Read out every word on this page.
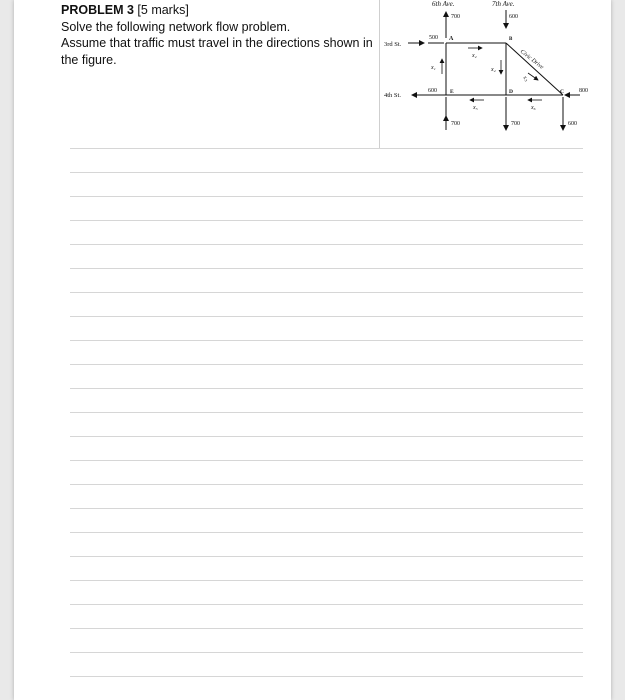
PROBLEM 3 [5 marks]
Solve the following network flow problem.
Assume that traffic must travel in the directions shown in the figure.
6th Ave.	7th Ave.
3rd St.
4th St.
Civic Drive
700	600
500
x₂
A	B
C
D
E
x₁	x₄
x₃
600
x₅	x₆
800
700	700	600
